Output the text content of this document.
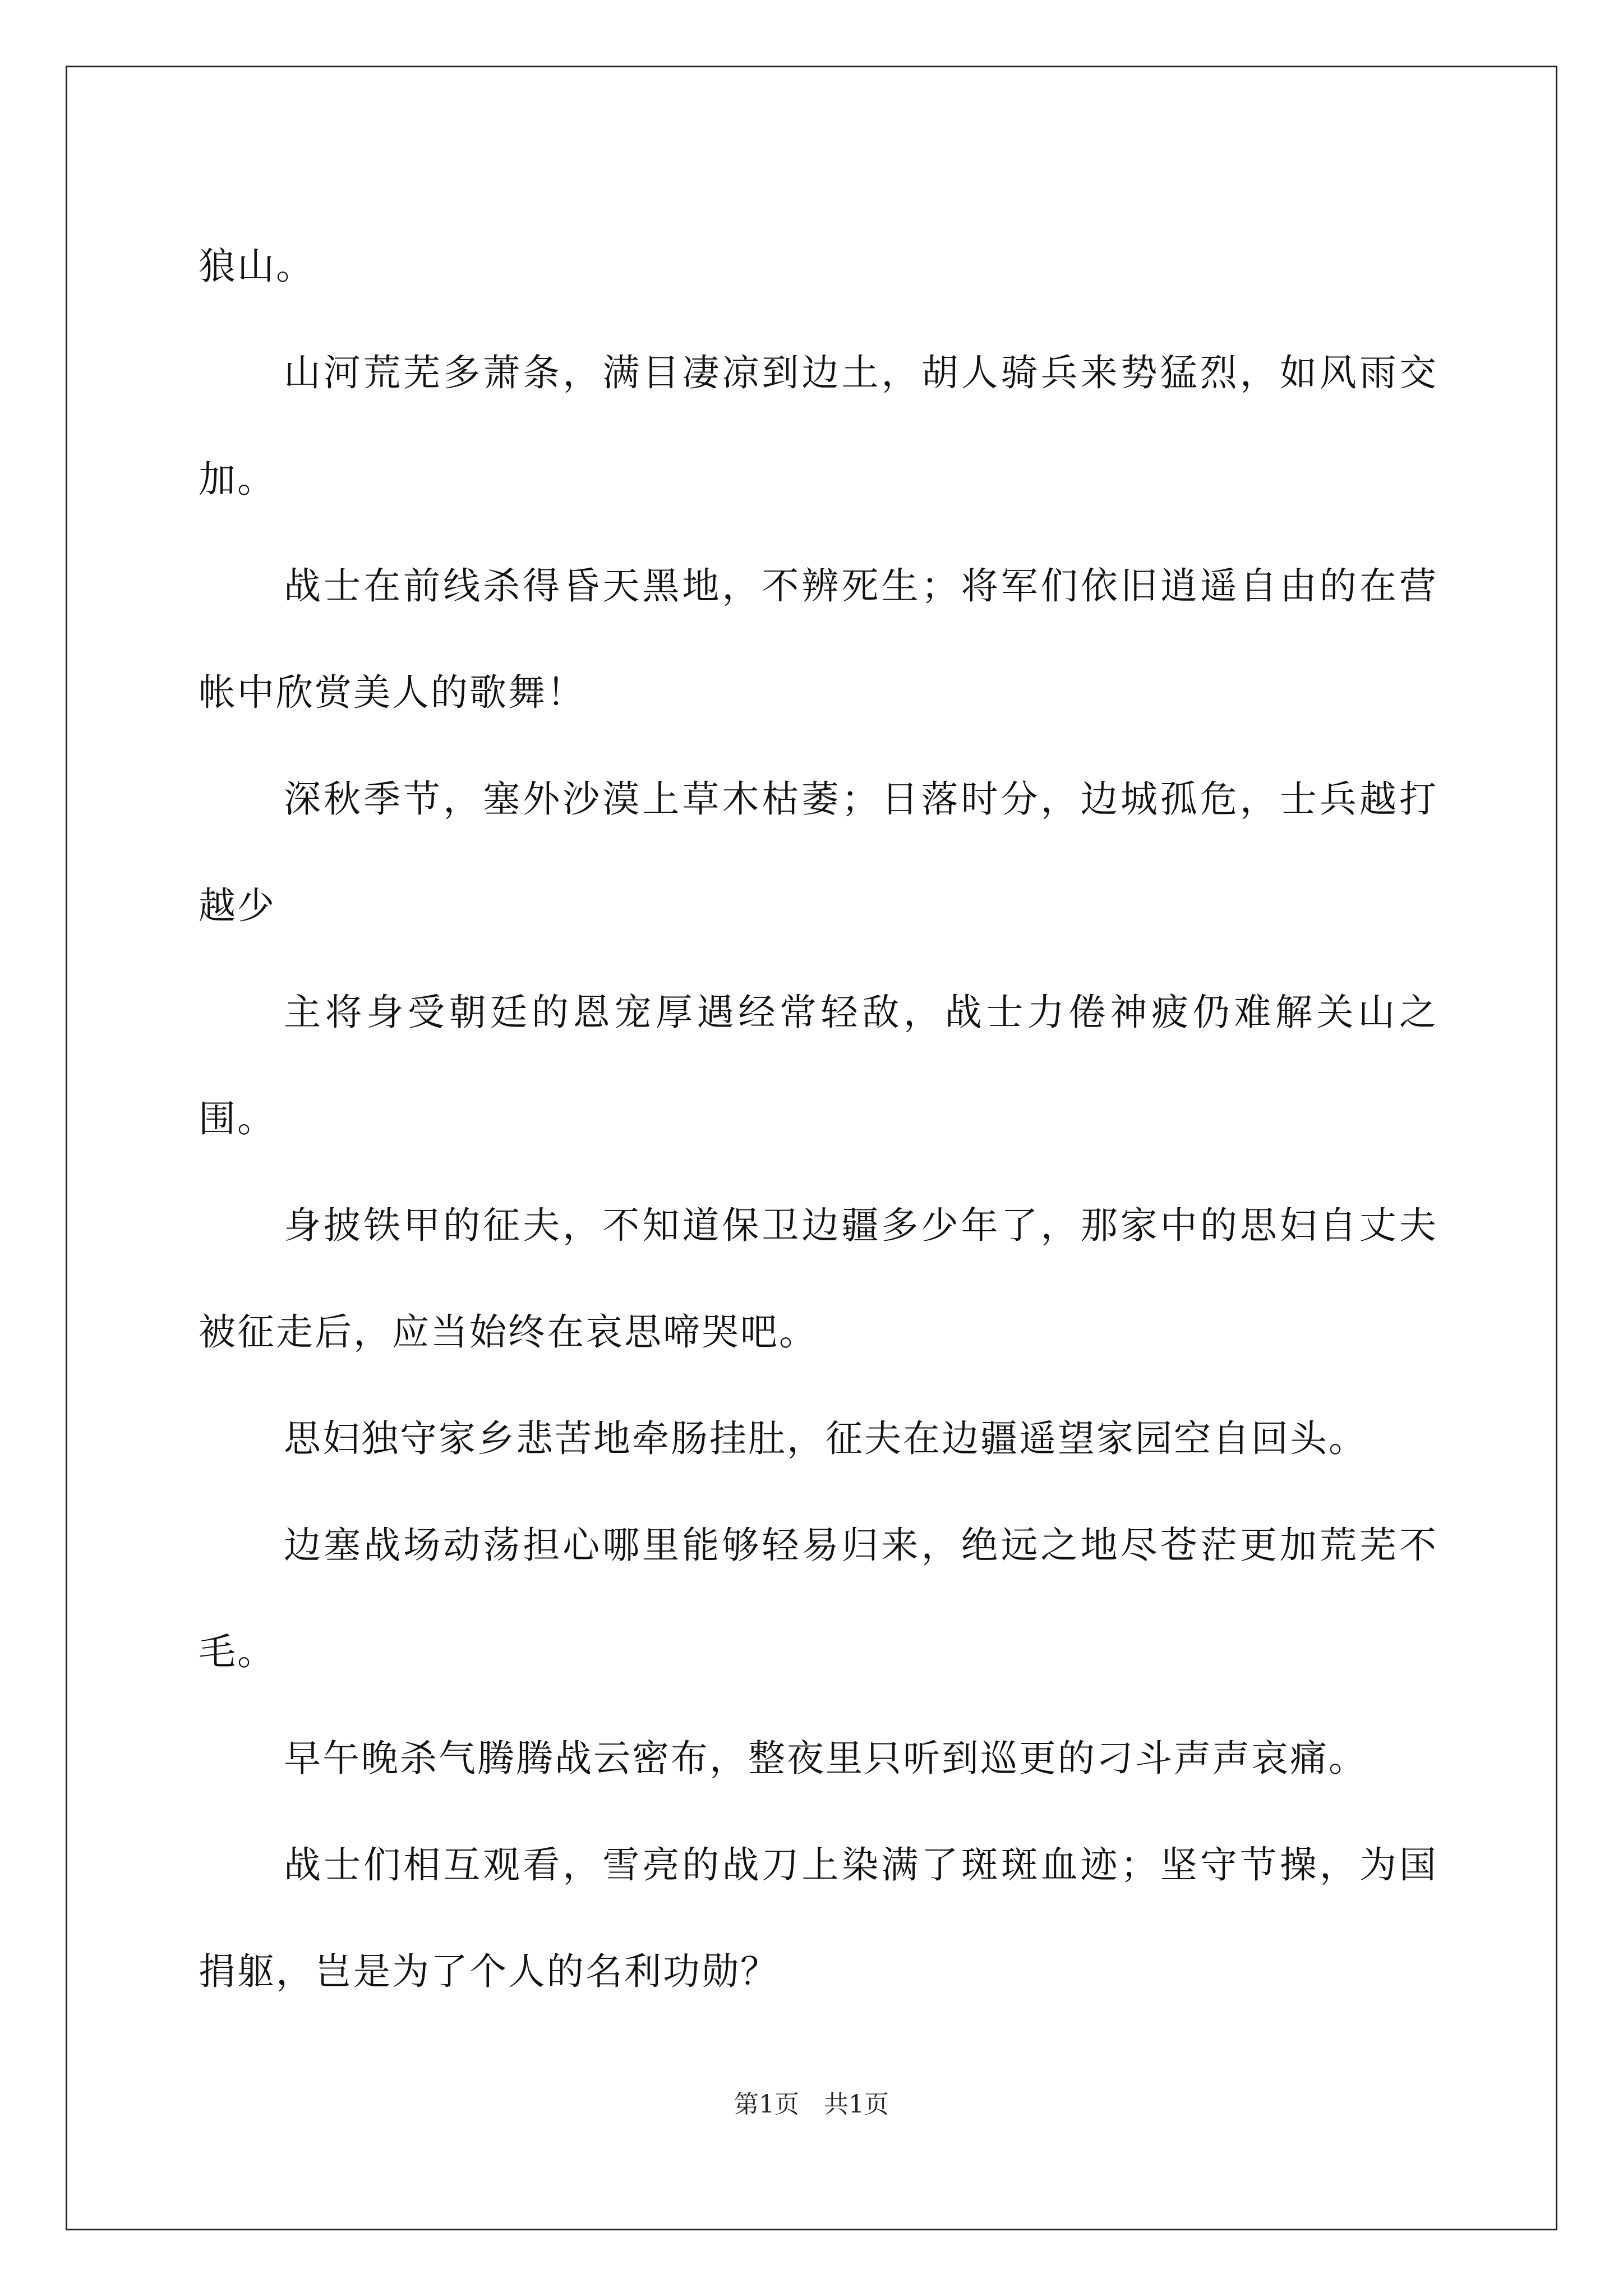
狼山。

山河荒芜多萧条，满目凄凉到边土，胡人骑兵来势猛烈，如风雨交加。

战士在前线杀得昏天黑地，不辨死生；将军们依旧逍遥自由的在营帐中欣赏美人的歌舞！

深秋季节，塞外沙漠上草木枯萎；日落时分，边城孤危，士兵越打越少

主将身受朝廷的恩宠厚遇经常轻敌，战士力倦神疲仍难解关山之围。

身披铁甲的征夫，不知道保卫边疆多少年了，那家中的思妇自丈夫被征走后，应当始终在哀思啼哭吧。

思妇独守家乡悲苦地牵肠挂肚，征夫在边疆遥望家园空自回头。

边塞战场动荡担心哪里能够轻易归来，绝远之地尽苍茫更加荒芜不毛。

早午晚杀气腾腾战云密布，整夜里只听到巡更的刁斗声声哀痛。

战士们相互观看，雪亮的战刀上染满了斑斑血迹；坚守节操，为国捐躯，岂是为了个人的名利功勋？

第1页 共1页
